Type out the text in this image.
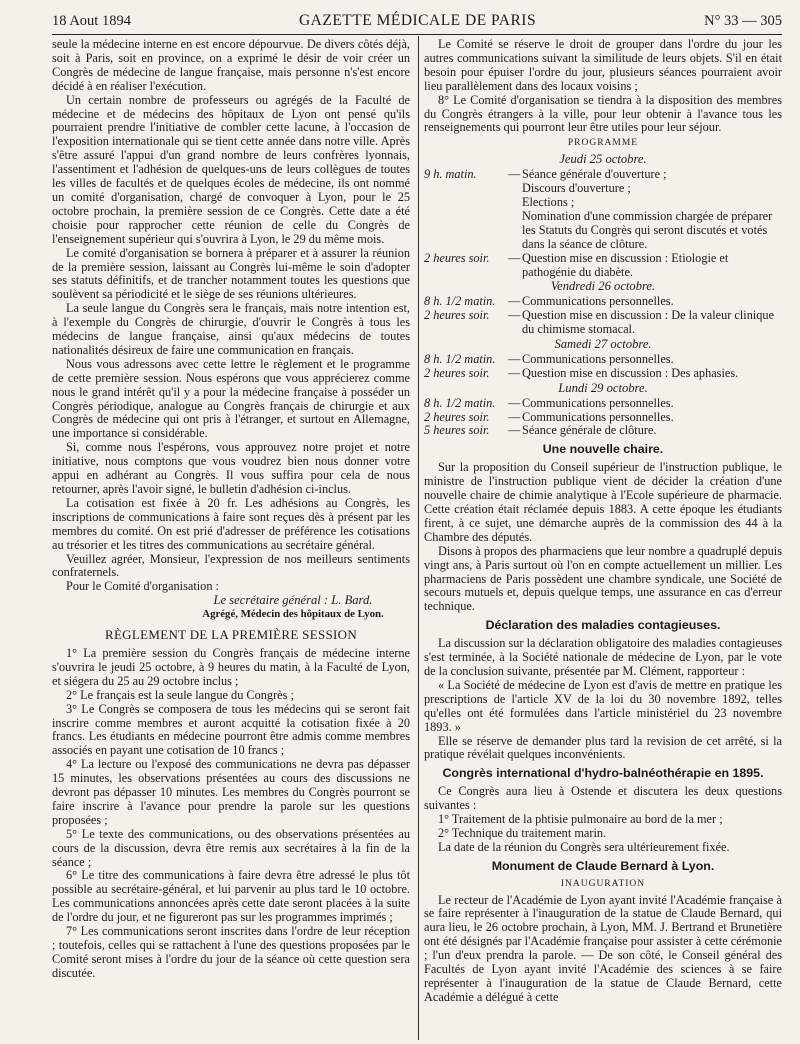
18 Aout 1894	GAZETTE MÉDICALE DE PARIS	N° 33 — 305

seule la médecine interne en est encore dépourvue. De divers côtés déjà, soit à Paris, soit en province, on a exprimé le désir de voir créer un Congrès de médecine de langue française, mais personne n's'est encore décidé à en réaliser l'exécution.

Un certain nombre de professeurs ou agrégés de la Faculté de médecine et de médecins des hôpitaux de Lyon ont pensé qu'ils pourraient prendre l'initiative de combler cette lacune, à l'occasion de l'exposition internationale qui se tient cette année dans notre ville. Après s'être assuré l'appui d'un grand nombre de leurs confrères lyonnais, l'assentiment et l'adhésion de quelques-uns de leurs collègues de toutes les villes de facultés et de quelques écoles de médecine, ils ont nommé un comité d'organisation, chargé de convoquer à Lyon, pour le 25 octobre prochain, la première session de ce Congrès. Cette date a été choisie pour rapprocher cette réunion de celle du Congrès de l'enseignement supérieur qui s'ouvrira à Lyon, le 29 du même mois.

Le comité d'organisation se bornera à préparer et à assurer la réunion de la première session, laissant au Congrès lui-même le soin d'adopter ses statuts définitifs, et de trancher notamment toutes les questions que soulèvent sa périodicité et le siège de ses réunions ultérieures.

La seule langue du Congrès sera le français, mais notre intention est, à l'exemple du Congrès de chirurgie, d'ouvrir le Congrès à tous les médecins de langue française, ainsi qu'aux médecins de toutes nationalités désireux de faire une communication en français.

Nous vous adressons avec cette lettre le règlement et le programme de cette première session. Nous espérons que vous apprécierez comme nous le grand intérêt qu'il y a pour la médecine française à posséder un Congrès périodique, analogue au Congrès français de chirurgie et aux Congrès de médecine qui ont pris à l'étranger, et surtout en Allemagne, une importance si considérable.

Si, comme nous l'espérons, vous approuvez notre projet et notre initiative, nous comptons que vous voudrez bien nous donner votre appui en adhérant au Congrès. Il vous suffira pour cela de nous retourner, après l'avoir signé, le bulletin d'adhésion ci-inclus.

La cotisation est fixée à 20 fr. Les adhésions au Congrès, les inscriptions de communications à faire sont reçues dès à présent par les membres du comité. On est prié d'adresser de préférence les cotisations au trésorier et les titres des communications au secrétaire général.

Veuillez agréer, Monsieur, l'expression de nos meilleurs sentiments confraternels.

Pour le Comité d'organisation :

Le secrétaire général : L. Bard.

Agrégé, Médecin des hôpitaux de Lyon.

RÈGLEMENT DE LA PREMIÈRE SESSION

1° La première session du Congrès français de médecine interne s'ouvrira le jeudi 25 octobre, à 9 heures du matin, à la Faculté de Lyon, et siégera du 25 au 29 octobre inclus ;

2° Le français est la seule langue du Congrès ;

3° Le Congrès se composera de tous les médecins qui se seront fait inscrire comme membres et auront acquitté la cotisation fixée à 20 francs. Les étudiants en médecine pourront être admis comme membres associés en payant une cotisation de 10 francs ;

4° La lecture ou l'exposé des communications ne devra pas dépasser 15 minutes, les observations présentées au cours des discussions ne devront pas dépasser 10 minutes. Les membres du Congrès pourront se faire inscrire à l'avance pour prendre la parole sur les questions proposées ;

5° Le texte des communications, ou des observations présentées au cours de la discussion, devra être remis aux secrétaires à la fin de la séance ;

6° Le titre des communications à faire devra être adressé le plus tôt possible au secrétaire-général, et lui parvenir au plus tard le 10 octobre. Les communications annoncées après cette date seront placées à la suite de l'ordre du jour, et ne figureront pas sur les programmes imprimés ;

7° Les communications seront inscrites dans l'ordre de leur réception ; toutefois, celles qui se rattachent à l'une des questions proposées par le Comité seront mises à l'ordre du jour de la séance où cette question sera discutée.

Le Comité se réserve le droit de grouper dans l'ordre du jour les autres communications suivant la similitude de leurs objets. S'il en était besoin pour épuiser l'ordre du jour, plusieurs séances pourraient avoir lieu parallèlement dans des locaux voisins ;

8° Le Comité d'organisation se tiendra à la disposition des membres du Congrès étrangers à la ville, pour leur obtenir à l'avance tous les renseignements qui pourront leur être utiles pour leur séjour.

PROGRAMME
Jeudi 25 octobre.
9 h. matin.	— Séance générale d'ouverture ;
Discours d'ouverture ;
Elections ;
Nomination d'une commission chargée de préparer les Statuts du Congrès qui seront discutés et votés dans la séance de clôture.
2 heures soir.	— Question mise en discussion : Etiologie et pathogénie du diabète.
Vendredi 26 octobre.
8 h. 1/2 matin.	— Communications personnelles.
2 heures soir.	— Question mise en discussion : De la valeur clinique du chimisme stomacal.
Samedi 27 octobre.
8 h. 1/2 matin.	— Communications personnelles.
2 heures soir.	— Question mise en discussion : Des aphasies.
Lundi 29 octobre.
8 h. 1/2 matin.	— Communications personnelles.
2 heures soir.	— Communications personnelles.
5 heures soir.	— Séance générale de clôture.
Une nouvelle chaire.

Sur la proposition du Conseil supérieur de l'instruction publique, le ministre de l'instruction publique vient de décider la création d'une nouvelle chaire de chimie analytique à l'Ecole supérieure de pharmacie. Cette création était réclamée depuis 1883. A cette époque les étudiants firent, à ce sujet, une démarche auprès de la commission des 44 à la Chambre des députés.

Disons à propos des pharmaciens que leur nombre a quadruplé depuis vingt ans, à Paris surtout où l'on en compte actuellement un millier. Les pharmaciens de Paris possèdent une chambre syndicale, une Société de secours mutuels et, depuis quelque temps, une assurance en cas d'erreur technique.

Déclaration des maladies contagieuses.

La discussion sur la déclaration obligatoire des maladies contagieuses s'est terminée, à la Société nationale de médecine de Lyon, par le vote de la conclusion suivante, présentée par M. Clément, rapporteur :

« La Société de médecine de Lyon est d'avis de mettre en pratique les prescriptions de l'article XV de la loi du 30 novembre 1892, telles qu'elles ont été formulées dans l'article ministériel du 23 novembre 1893. »

Elle se réserve de demander plus tard la revision de cet arrêté, si la pratique révélait quelques inconvénients.

Congrès international d'hydro-balnéothérapie en 1895.

Ce Congrès aura lieu à Ostende et discutera les deux questions suivantes :

1° Traitement de la phtisie pulmonaire au bord de la mer ;

2° Technique du traitement marin.

La date de la réunion du Congrès sera ultérieurement fixée.

Monument de Claude Bernard à Lyon.
INAUGURATION

Le recteur de l'Académie de Lyon ayant invité l'Académie française à se faire représenter à l'inauguration de la statue de Claude Bernard, qui aura lieu, le 26 octobre prochain, à Lyon, MM. J. Bertrand et Brunetière ont été désignés par l'Académie française pour assister à cette cérémonie ; l'un d'eux prendra la parole. — De son côté, le Conseil général des Facultés de Lyon ayant invité l'Académie des sciences à se faire représenter à l'inauguration de la statue de Claude Bernard, cette Académie a délégué à cette
